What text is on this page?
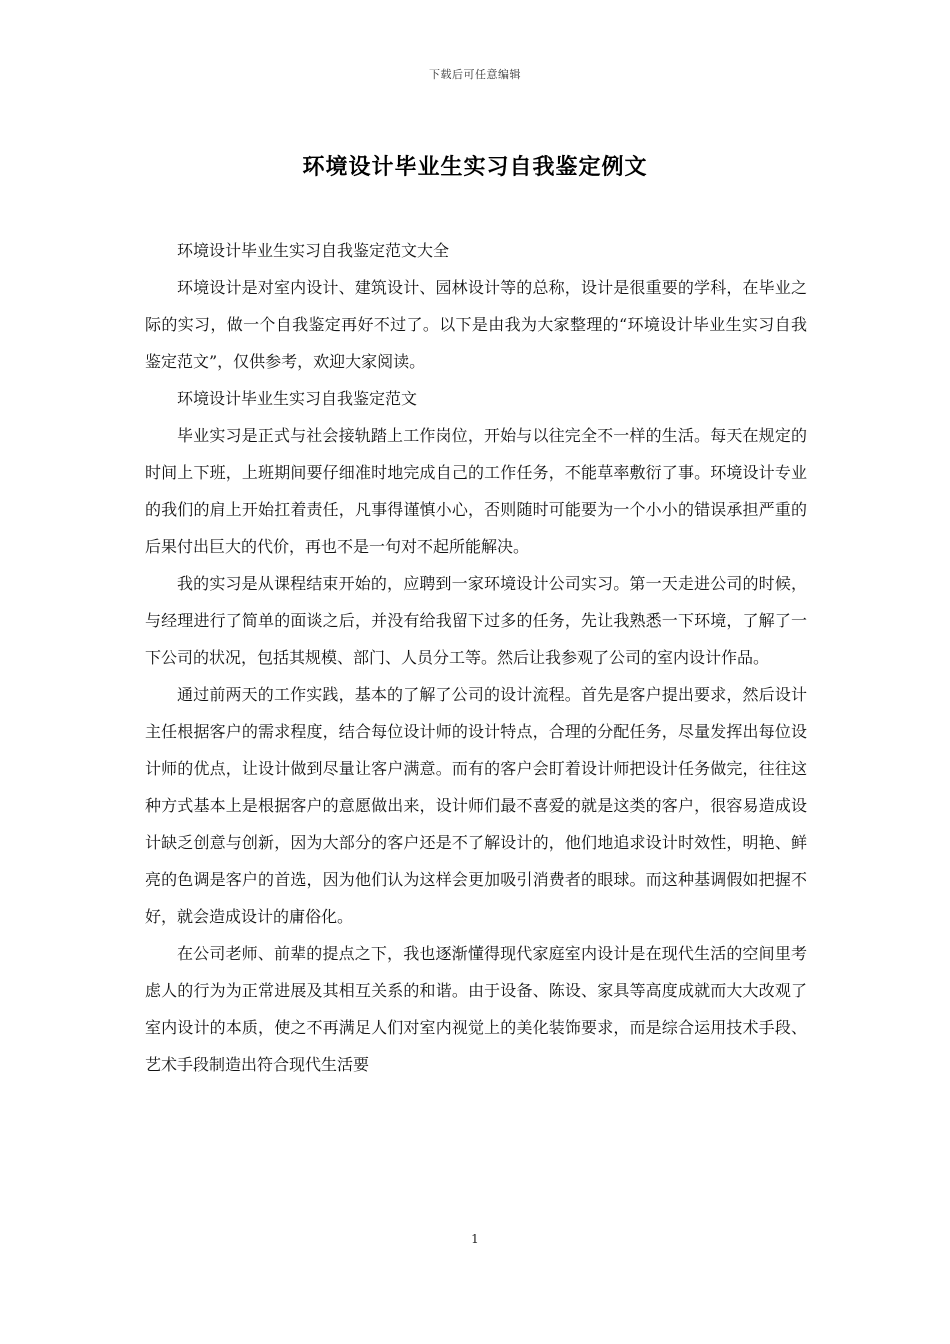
下载后可任意编辑
环境设计毕业生实习自我鉴定例文

环境设计毕业生实习自我鉴定范文大全

环境设计是对室内设计、建筑设计、园林设计等的总称，设计是很重要的学科，在毕业之际的实习，做一个自我鉴定再好不过了。以下是由我为大家整理的“环境设计毕业生实习自我鉴定范文”，仅供参考，欢迎大家阅读。

环境设计毕业生实习自我鉴定范文

毕业实习是正式与社会接轨踏上工作岗位，开始与以往完全不一样的生活。每天在规定的时间上下班，上班期间要仔细准时地完成自己的工作任务，不能草率敷衍了事。环境设计专业的我们的肩上开始扛着责任，凡事得谨慎小心，否则随时可能要为一个小小的错误承担严重的后果付出巨大的代价，再也不是一句对不起所能解决。

我的实习是从课程结束开始的，应聘到一家环境设计公司实习。第一天走进公司的时候，与经理进行了简单的面谈之后，并没有给我留下过多的任务，先让我熟悉一下环境，了解了一下公司的状况，包括其规模、部门、人员分工等。然后让我参观了公司的室内设计作品。

通过前两天的工作实践，基本的了解了公司的设计流程。首先是客户提出要求，然后设计主任根据客户的需求程度，结合每位设计师的设计特点，合理的分配任务，尽量发挥出每位设计师的优点，让设计做到尽量让客户满意。而有的客户会盯着设计师把设计任务做完，往往这种方式基本上是根据客户的意愿做出来，设计师们最不喜爱的就是这类的客户，很容易造成设计缺乏创意与创新，因为大部分的客户还是不了解设计的，他们地追求设计时效性，明艳、鲜亮的色调是客户的首选，因为他们认为这样会更加吸引消费者的眼球。而这种基调假如把握不好，就会造成设计的庸俗化。

在公司老师、前辈的提点之下，我也逐渐懂得现代家庭室内设计是在现代生活的空间里考虑人的行为为正常进展及其相互关系的和谐。由于设备、陈设、家具等高度成就而大大改观了室内设计的本质，使之不再满足人们对室内视觉上的美化装饰要求，而是综合运用技术手段、艺术手段制造出符合现代生活要

1
